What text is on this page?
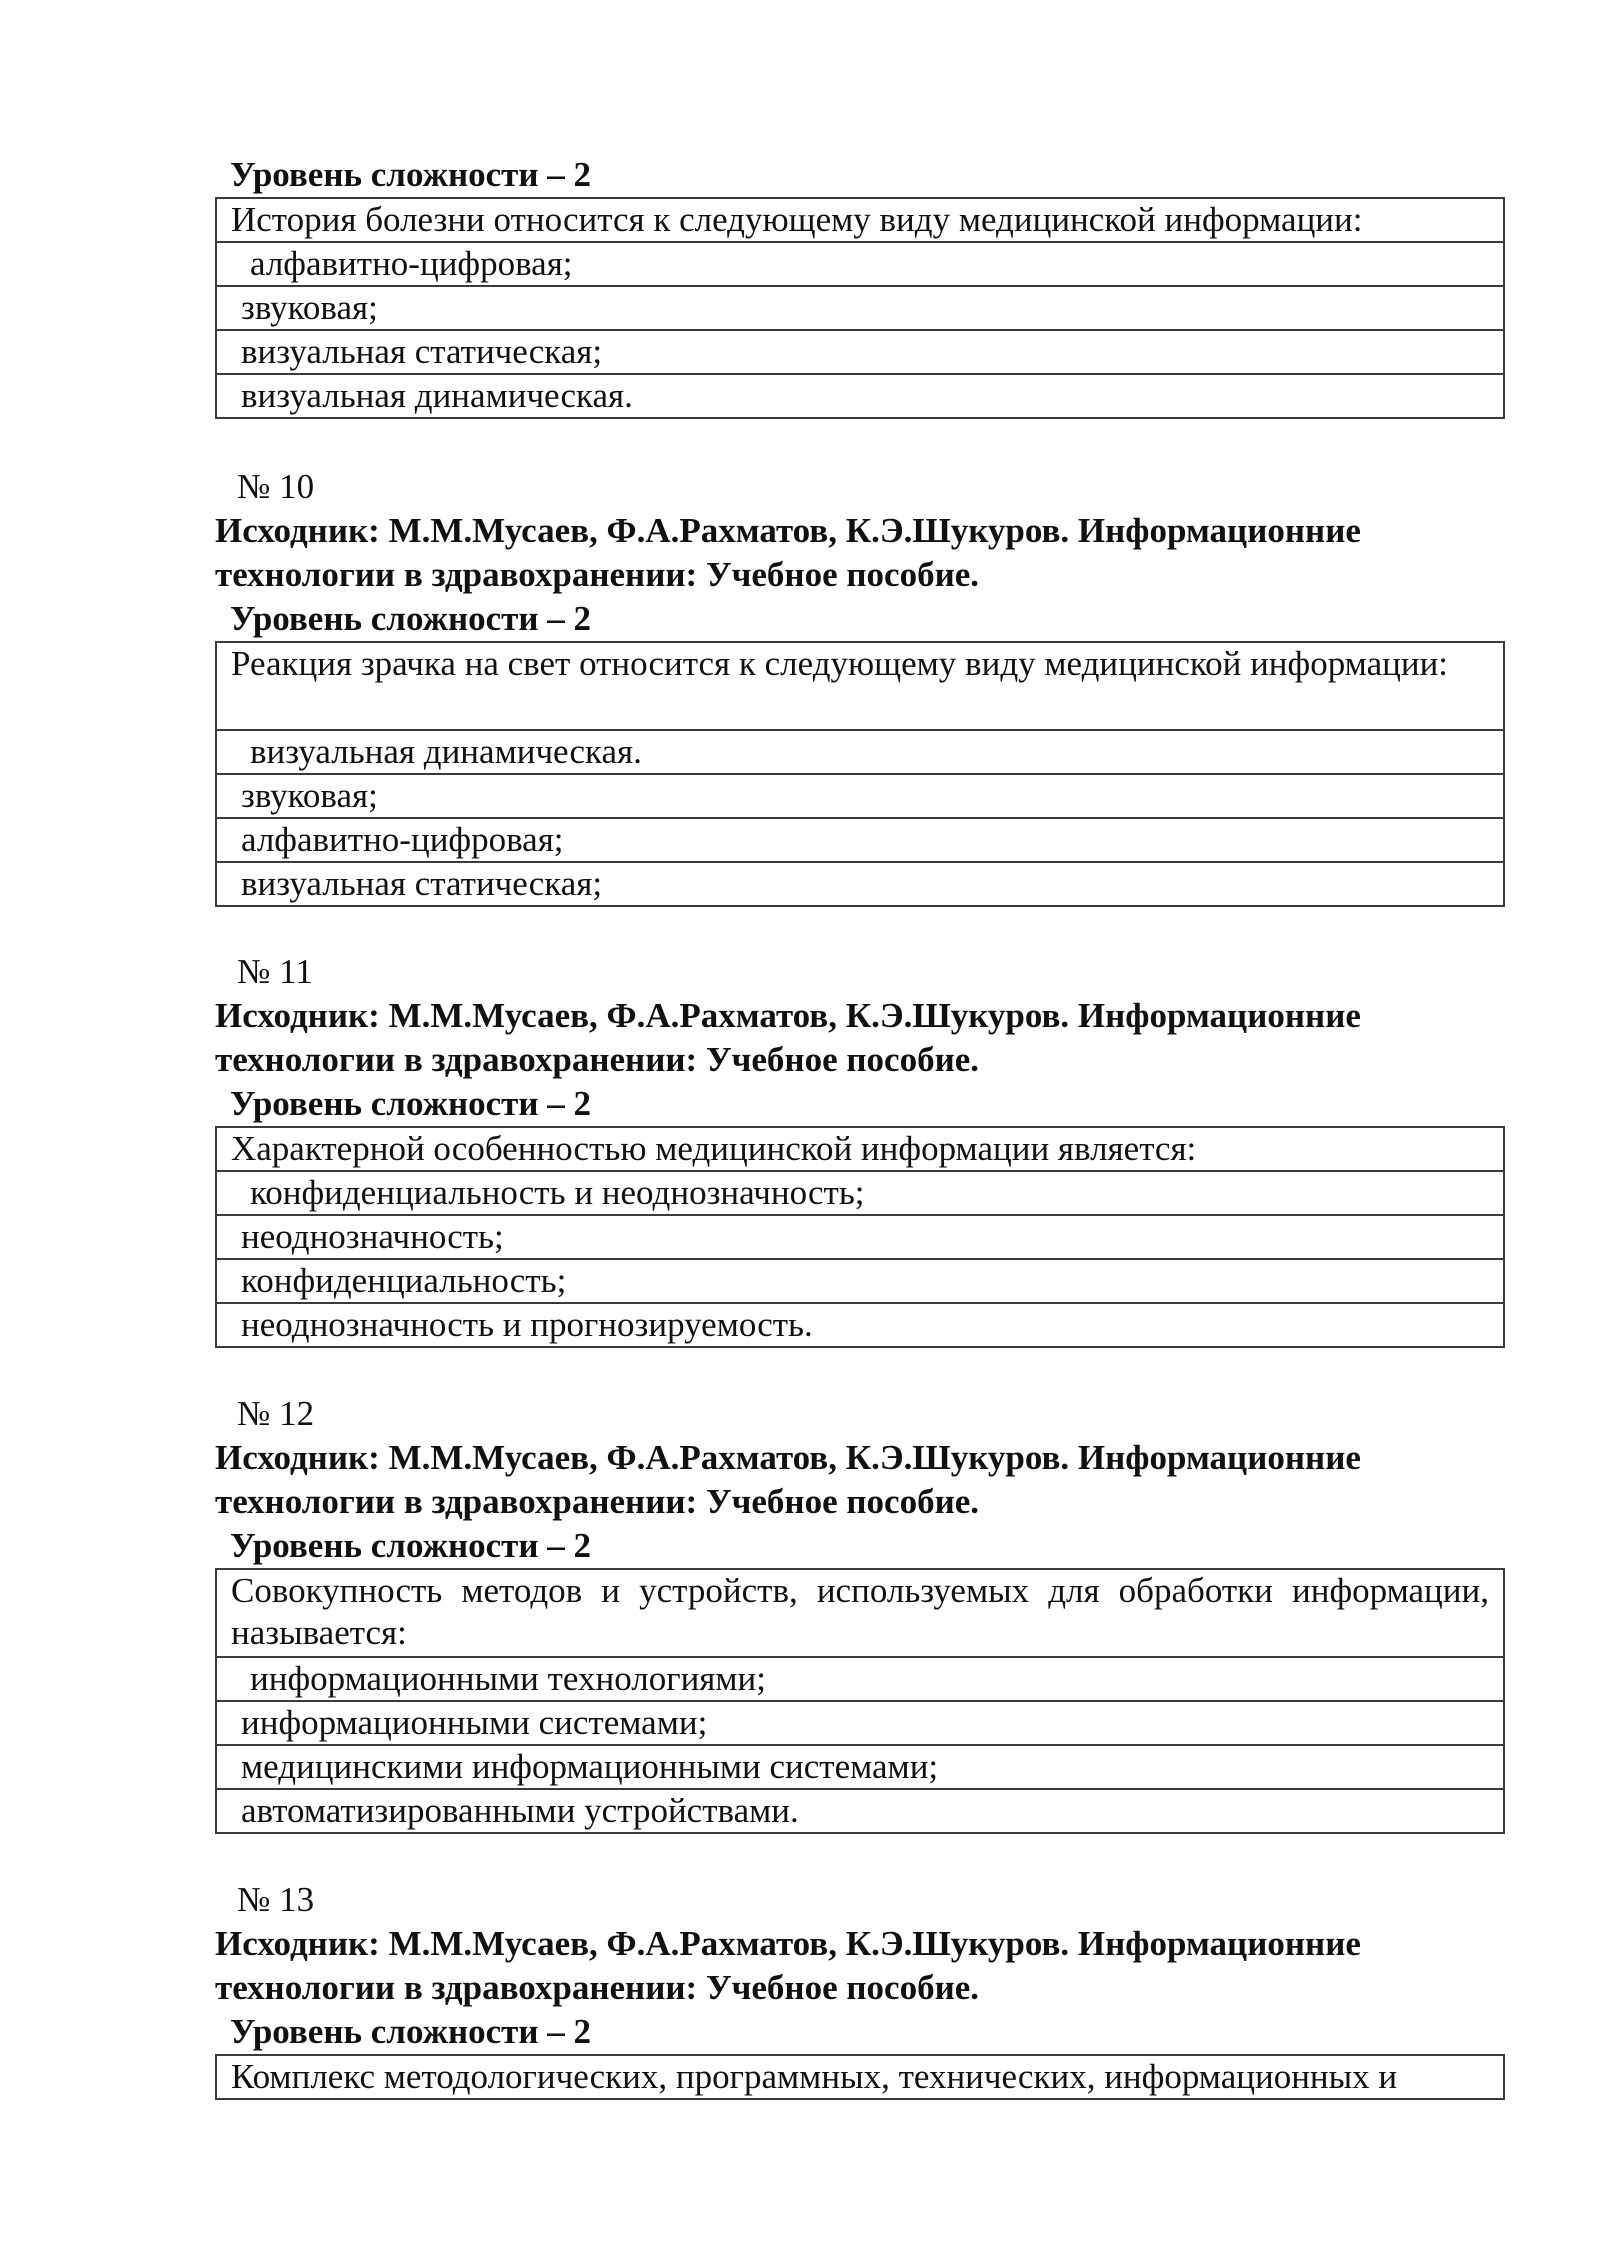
Уровень сложности – 2
История болезни относится к следующему виду медицинской информации:
алфавитно-цифровая;
звуковая;
визуальная статическая;
визуальная динамическая.
№ 10
Исходник: М.М.Мусаев, Ф.А.Рахматов, К.Э.Шукуров. Информационние
технологии в здравохранении: Учебное пособие.
Уровень сложности – 2
Реакция зрачка на свет относится к следующему виду медицинской информации:
визуальная динамическая.
звуковая;
алфавитно-цифровая;
визуальная статическая;
№ 11
Исходник: М.М.Мусаев, Ф.А.Рахматов, К.Э.Шукуров. Информационние
технологии в здравохранении: Учебное пособие.
Уровень сложности – 2
Характерной особенностью медицинской информации является:
конфиденциальность и неоднозначность;
неоднозначность;
конфиденциальность;
неоднозначность и прогнозируемость.
№ 12
Исходник: М.М.Мусаев, Ф.А.Рахматов, К.Э.Шукуров. Информационние
технологии в здравохранении: Учебное пособие.
Уровень сложности – 2
Совокупность методов и устройств, используемых для обработки информации, называется:
информационными технологиями;
информационными системами;
медицинскими информационными системами;
автоматизированными устройствами.
№ 13
Исходник: М.М.Мусаев, Ф.А.Рахматов, К.Э.Шукуров. Информационние
технологии в здравохранении: Учебное пособие.
Уровень сложности – 2
Комплекс методологических, программных, технических, информационных и
